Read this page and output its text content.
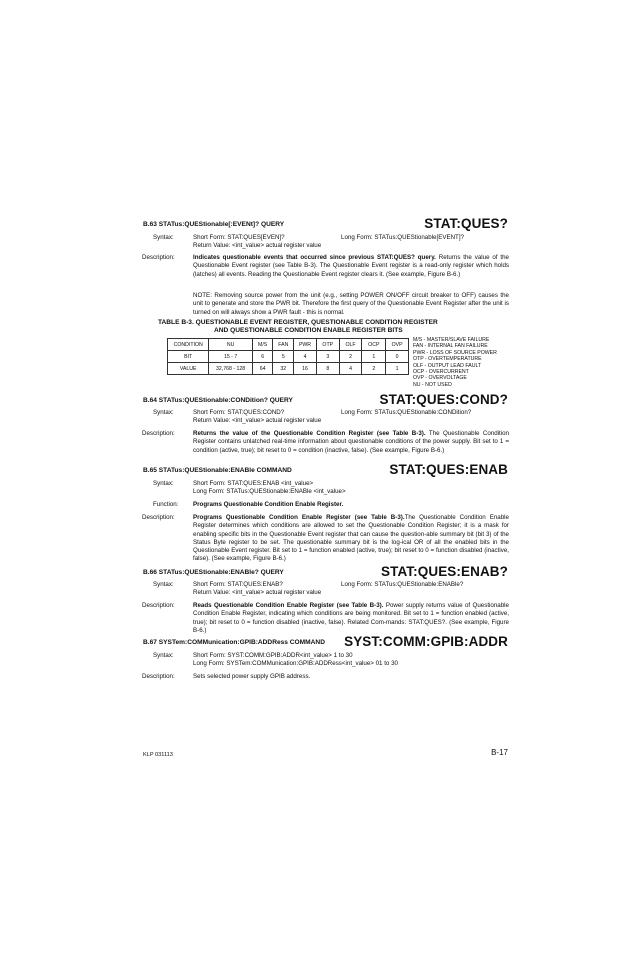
B.63 STATus:QUEStionable[:EVENt]? QUERY	STAT:QUES?
Syntax:	Short Form: STAT:QUES[EVEN]?	Long Form: STATus:QUEStionable[EVENT]?
Return Value: <int_value> actual register value
Description:	Indicates questionable events that occurred since previous STAT:QUES? query. Returns the value of the Questionable Event register (see Table B-3). The Questionable Event register is a read-only register which holds (latches) all events. Reading the Questionable Event register clears it. (See example, Figure B-6.)
NOTE: Removing source power from the unit (e.g., setting POWER ON/OFF circuit breaker to OFF) causes the unit to generate and store the PWR bit. Therefore the first query of the Questionable Event Register after the unit is turned on will always show a PWR fault - this is normal.
TABLE B-3. QUESTIONABLE EVENT REGISTER, QUESTIONABLE CONDITION REGISTER
AND QUESTIONABLE CONDITION ENABLE REGISTER BITS
CONDITION	NU	M/S	FAN	PWR	OTP	OLF	OCP	OVP
BIT	15 - 7	6	5	4	3	2	1	0
VALUE	32,768 - 128	64	32	16	8	4	2	1
M/S - MASTER/SLAVE FAILURE
FAN - INTERNAL FAN FAILURE
PWR - LOSS OF SOURCE POWER
OTP - OVERTEMPERATURE
OLF - OUTPUT LEAD FAULT
OCP - OVERCURRENT
OVP - OVERVOLTAGE
NU - NOT USED
B.64 STATus:QUEStionable:CONDition? QUERY	STAT:QUES:COND?
Syntax:	Short Form: STAT:QUES:COND?	Long Form: STATus:QUEStionable:CONDition?
Return Value: <int_value> actual register value
Description:	Returns the value of the Questionable Condition Register (see Table B-3). The Questionable Condition Register contains unlatched real-time information about questionable conditions of the power supply. Bit set to 1 = condition (active, true); bit reset to 0 = condition (inactive, false). (See example, Figure B-6.)
B.65 STATus:QUEStionable:ENABle COMMAND	STAT:QUES:ENAB
Syntax:	Short Form: STAT:QUES:ENAB <int_value>
Long Form: STATus:QUEStionable:ENABle <int_value>
Function: Programs Questionable Condition Enable Register.
Description:	Programs Questionable Condition Enable Register (see Table B-3).The Questionable Condition Enable Register determines which conditions are allowed to set the Questionable Condition Register; it is a mask for enabling specific bits in the Questionable Event register that can cause the question-able summary bit (bit 3) of the Status Byte register to be set. The questionable summary bit is the log-ical OR of all the enabled bits in the Questionable Event register. Bit set to 1 = function enabled (active, true); bit reset to 0 = function disabled (inactive, false). (See example, Figure B-6.)
B.66 STATus:QUEStionable:ENABle? QUERY	STAT:QUES:ENAB?
Syntax:	Short Form: STAT:QUES:ENAB?	Long Form: STATus:QUEStionable:ENABle?
Return Value: <int_value> actual register value
Description:	Reads Questionable Condition Enable Register (see Table B-3). Power supply returns value of Questionable Condition Enable Register, indicating which conditions are being monitored. Bit set to 1 = function enabled (active, true); bit reset to 0 = function disabled (inactive, false). Related Com-mands: STAT:QUES?. (See example, Figure B-6.)
B.67 SYSTem:COMMunication:GPIB:ADDRess COMMAND SYST:COMM:GPIB:ADDR
Syntax:	Short Form: SYST:COMM:GPIB:ADDR<int_value> 1 to 30
Long Form: SYSTem:COMMunication:GPIB:ADDRess<int_value> 01 to 30
Description:	Sets selected power supply GPIB address.
KLP 031113	B-17
